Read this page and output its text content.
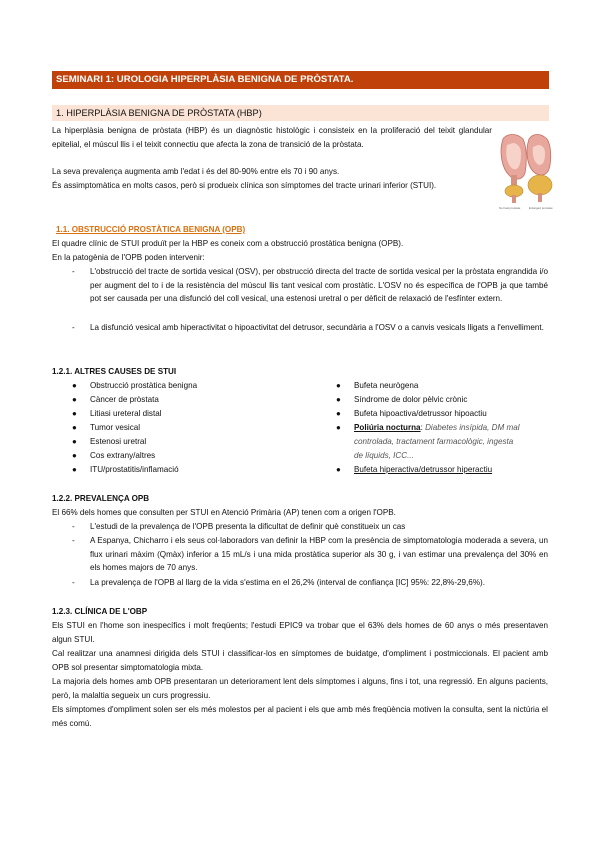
SEMINARI 1: UROLOGIA HIPERPLÀSIA BENIGNA DE PRÒSTATA.
1. HIPERPLÀSIA BENIGNA DE PRÒSTATA (HBP)
La hiperplàsia benigna de pròstata (HBP) és un diagnòstic histològic i consisteix en la proliferació del teixit glandular epitelial, el múscul llis i el teixit connectiu que afecta la zona de transició de la pròstata.
La seva prevalença augmenta amb l'edat i és del 80-90% entre els 70 i 90 anys.
És assimptomàtica en molts casos, però si produeix clínica son símptomes del tracte urinari inferior (STUI).
Normal prostate	Enlarged prostate
1.1. OBSTRUCCIÓ PROSTÀTICA BENIGNA (OPB)
El quadre clínic de STUI produït per la HBP es coneix com a obstrucció prostàtica benigna (OPB).
En la patogènia de l'OPB poden intervenir:
- L'obstrucció del tracte de sortida vesical (OSV), per obstrucció directa del tracte de sortida vesical per la pròstata engrandida i/o per augment del to i de la resistència del múscul llis tant vesical com prostàtic. L'OSV no és específica de l'OPB ja que també pot ser causada per una disfunció del coll vesical, una estenosi uretral o per dèficit de relaxació de l'esfínter extern.
- La disfunció vesical amb hiperactivitat o hipoactivitat del detrusor, secundària a l'OSV o a canvis vesicals lligats a l'envelliment.
1.2.1. ALTRES CAUSES DE STUI
● Obstrucció prostàtica benigna
● Càncer de pròstata
● Litiasi ureteral distal
● Tumor vesical
● Estenosi uretral
● Cos extrany/altres
● ITU/prostatitis/inflamació
● Bufeta neurògena
● Síndrome de dolor pèlvic crònic
● Bufeta hipoactiva/detrussor hipoactiu
● Poliúria nocturna: Diabetes insípida, DM mal
controlada, tractament farmacològic, ingesta
de líquids, ICC...
● Bufeta hiperactiva/detrussor hiperactiu
1.2.2. PREVALENÇA OPB
El 66% dels homes que consulten per STUI en Atenció Primària (AP) tenen com a origen l'OPB.
- L'estudi de la prevalença de l'OPB presenta la dificultat de definir què constitueix un cas
- A Espanya, Chicharro i els seus col·laboradors van definir la HBP com la presència de simptomatologia moderada a severa, un flux urinari màxim (Qmàx) inferior a 15 mL/s i una mida prostàtica superior als 30 g, i van estimar una prevalença del 30% en els homes majors de 70 anys.
- La prevalença de l'OPB al llarg de la vida s'estima en el 26,2% (interval de confiança [IC] 95%: 22,8%-29,6%).
1.2.3. CLÍNICA DE L'OBP
Els STUI en l'home son inespecífics i molt freqüents; l'estudi EPIC9 va trobar que el 63% dels homes de 60 anys o més presentaven algun STUI.
Cal realitzar una anamnesi dirigida dels STUI i classificar-los en símptomes de buidatge, d'ompliment i postmiccionals. El pacient amb OPB sol presentar simptomatologia mixta.
La majoria dels homes amb OPB presentaran un deteriorament lent dels símptomes i alguns, fins i tot, una regressió. En alguns pacients, però, la malaltia segueix un curs progressiu.
Els símptomes d'ompliment solen ser els més molestos per al pacient i els que amb més freqüència motiven la consulta, sent la nictúria el més comú.
